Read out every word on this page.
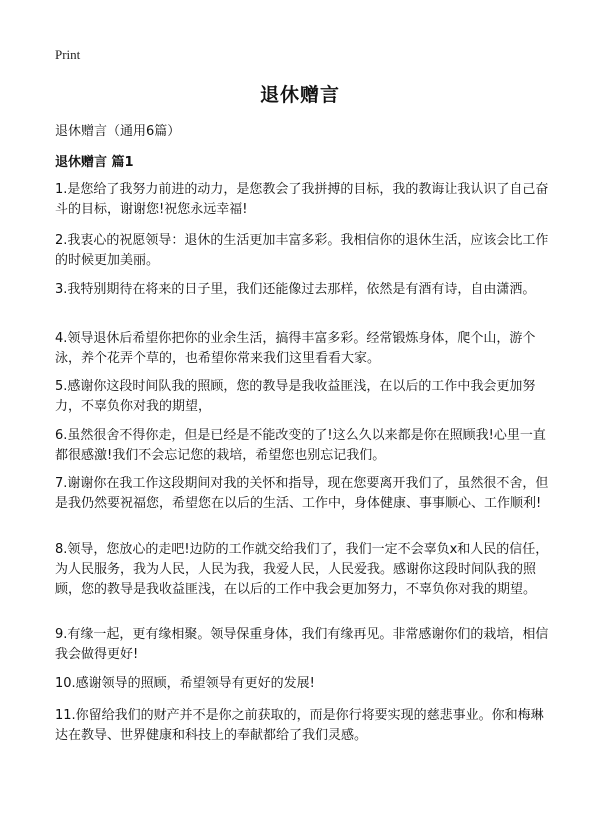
Print
退休赠言
退休赠言（通用6篇）
退休赠言 篇1

1.是您给了我努力前进的动力，是您教会了我拼搏的目标，我的教诲让我认识了自己奋斗的目标，谢谢您!祝您永远幸福!

2.我衷心的祝愿领导：退休的生活更加丰富多彩。我相信你的退休生活，应该会比工作的时候更加美丽。

3.我特别期待在将来的日子里，我们还能像过去那样，依然是有酒有诗，自由潇洒。

4.领导退休后希望你把你的业余生活，搞得丰富多彩。经常锻炼身体，爬个山，游个泳，养个花弄个草的，也希望你常来我们这里看看大家。

5.感谢你这段时间队我的照顾，您的教导是我收益匪浅，在以后的工作中我会更加努力，不辜负你对我的期望，

6.虽然很舍不得你走，但是已经是不能改变的了!这么久以来都是你在照顾我!心里一直都很感激!我们不会忘记您的栽培，希望您也别忘记我们。

7.谢谢你在我工作这段期间对我的关怀和指导，现在您要离开我们了，虽然很不舍，但是我仍然要祝福您，希望您在以后的生活、工作中，身体健康、事事顺心、工作顺利!

8.领导，您放心的走吧!边防的工作就交给我们了，我们一定不会辜负x和人民的信任，为人民服务，我为人民，人民为我，我爱人民，人民爱我。感谢你这段时间队我的照顾，您的教导是我收益匪浅，在以后的工作中我会更加努力，不辜负你对我的期望。

9.有缘一起，更有缘相聚。领导保重身体，我们有缘再见。非常感谢你们的栽培，相信我会做得更好!

10.感谢领导的照顾，希望领导有更好的发展!

11.你留给我们的财产并不是你之前获取的，而是你行将要实现的慈悲事业。你和梅琳达在教导、世界健康和科技上的奉献都给了我们灵感。
